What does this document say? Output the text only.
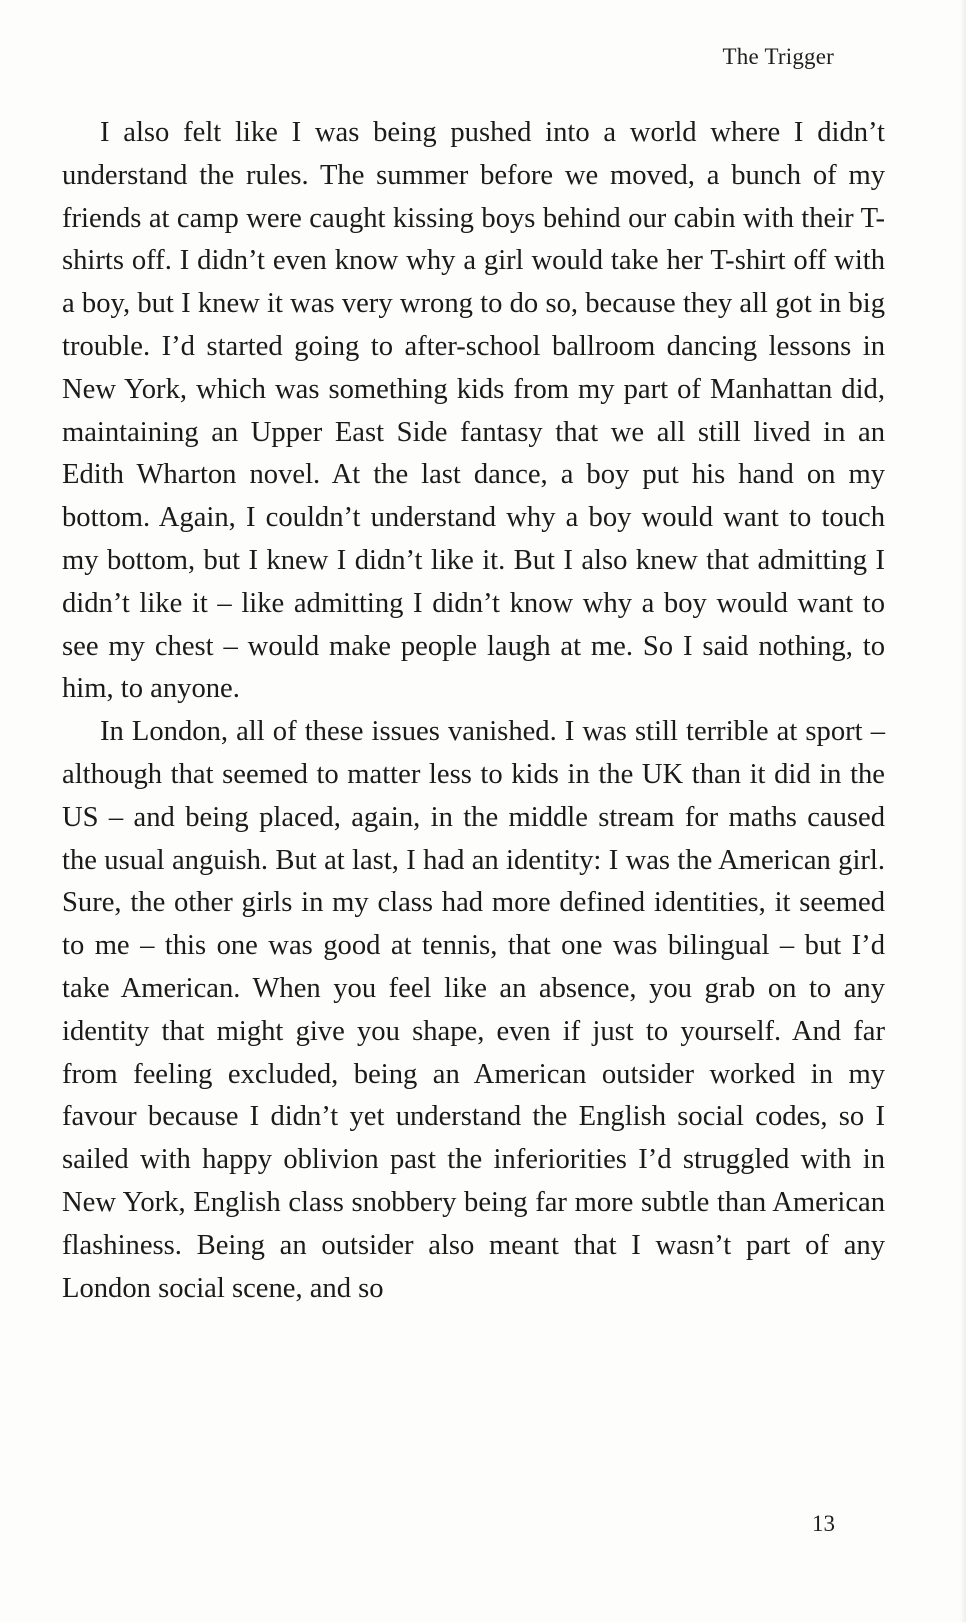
The Trigger

I also felt like I was being pushed into a world where I didn’t understand the rules. The summer before we moved, a bunch of my friends at camp were caught kissing boys behind our cabin with their T-shirts off. I didn’t even know why a girl would take her T-shirt off with a boy, but I knew it was very wrong to do so, because they all got in big trouble. I’d started going to after-school ballroom dancing lessons in New York, which was something kids from my part of Manhattan did, maintaining an Upper East Side fantasy that we all still lived in an Edith Wharton novel. At the last dance, a boy put his hand on my bottom. Again, I couldn’t understand why a boy would want to touch my bottom, but I knew I didn’t like it. But I also knew that admitting I didn’t like it – like admitting I didn’t know why a boy would want to see my chest – would make people laugh at me. So I said nothing, to him, to anyone.

In London, all of these issues vanished. I was still terrible at sport – although that seemed to matter less to kids in the UK than it did in the US – and being placed, again, in the middle stream for maths caused the usual anguish. But at last, I had an identity: I was the American girl. Sure, the other girls in my class had more defined identities, it seemed to me – this one was good at tennis, that one was bilingual – but I’d take American. When you feel like an absence, you grab on to any identity that might give you shape, even if just to yourself. And far from feeling excluded, being an American outsider worked in my favour because I didn’t yet understand the English social codes, so I sailed with happy oblivion past the inferiorities I’d struggled with in New York, English class snobbery being far more subtle than American flashiness. Being an outsider also meant that I wasn’t part of any London social scene, and so

13
